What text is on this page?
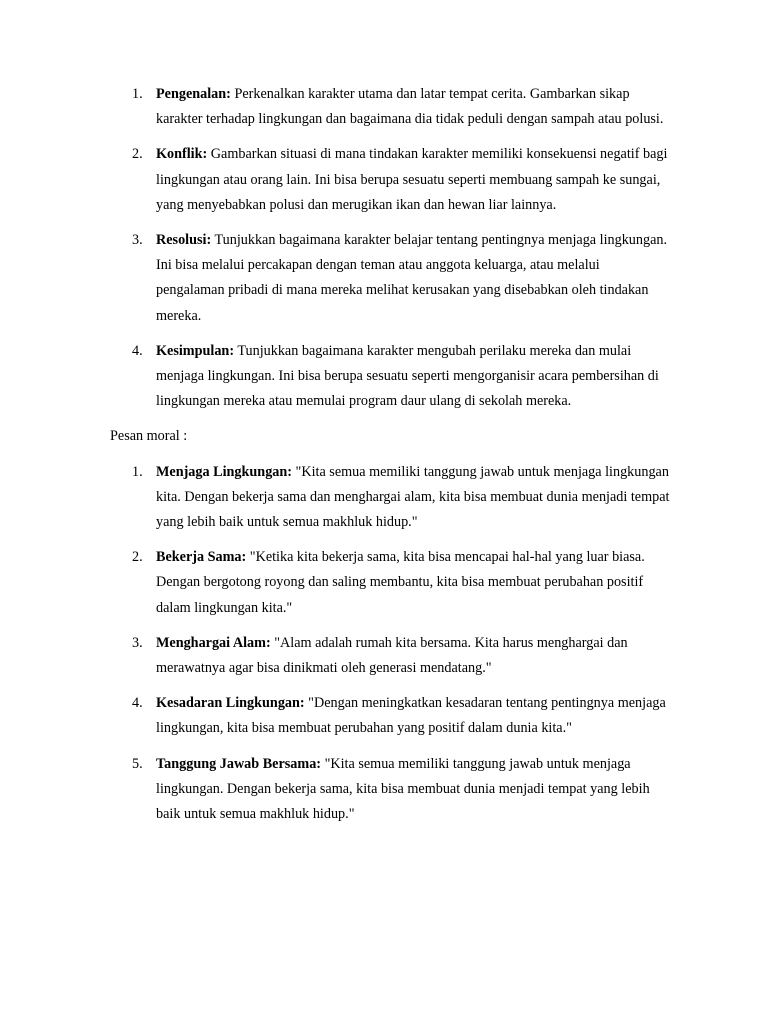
1. Pengenalan: Perkenalkan karakter utama dan latar tempat cerita. Gambarkan sikap karakter terhadap lingkungan dan bagaimana dia tidak peduli dengan sampah atau polusi.
2. Konflik: Gambarkan situasi di mana tindakan karakter memiliki konsekuensi negatif bagi lingkungan atau orang lain. Ini bisa berupa sesuatu seperti membuang sampah ke sungai, yang menyebabkan polusi dan merugikan ikan dan hewan liar lainnya.
3. Resolusi: Tunjukkan bagaimana karakter belajar tentang pentingnya menjaga lingkungan. Ini bisa melalui percakapan dengan teman atau anggota keluarga, atau melalui pengalaman pribadi di mana mereka melihat kerusakan yang disebabkan oleh tindakan mereka.
4. Kesimpulan: Tunjukkan bagaimana karakter mengubah perilaku mereka dan mulai menjaga lingkungan. Ini bisa berupa sesuatu seperti mengorganisir acara pembersihan di lingkungan mereka atau memulai program daur ulang di sekolah mereka.

Pesan moral :

1. Menjaga Lingkungan: "Kita semua memiliki tanggung jawab untuk menjaga lingkungan kita. Dengan bekerja sama dan menghargai alam, kita bisa membuat dunia menjadi tempat yang lebih baik untuk semua makhluk hidup."
2. Bekerja Sama: "Ketika kita bekerja sama, kita bisa mencapai hal-hal yang luar biasa. Dengan bergotong royong dan saling membantu, kita bisa membuat perubahan positif dalam lingkungan kita."
3. Menghargai Alam: "Alam adalah rumah kita bersama. Kita harus menghargai dan merawatnya agar bisa dinikmati oleh generasi mendatang."
4. Kesadaran Lingkungan: "Dengan meningkatkan kesadaran tentang pentingnya menjaga lingkungan, kita bisa membuat perubahan yang positif dalam dunia kita."
5. Tanggung Jawab Bersama: "Kita semua memiliki tanggung jawab untuk menjaga lingkungan. Dengan bekerja sama, kita bisa membuat dunia menjadi tempat yang lebih baik untuk semua makhluk hidup."
